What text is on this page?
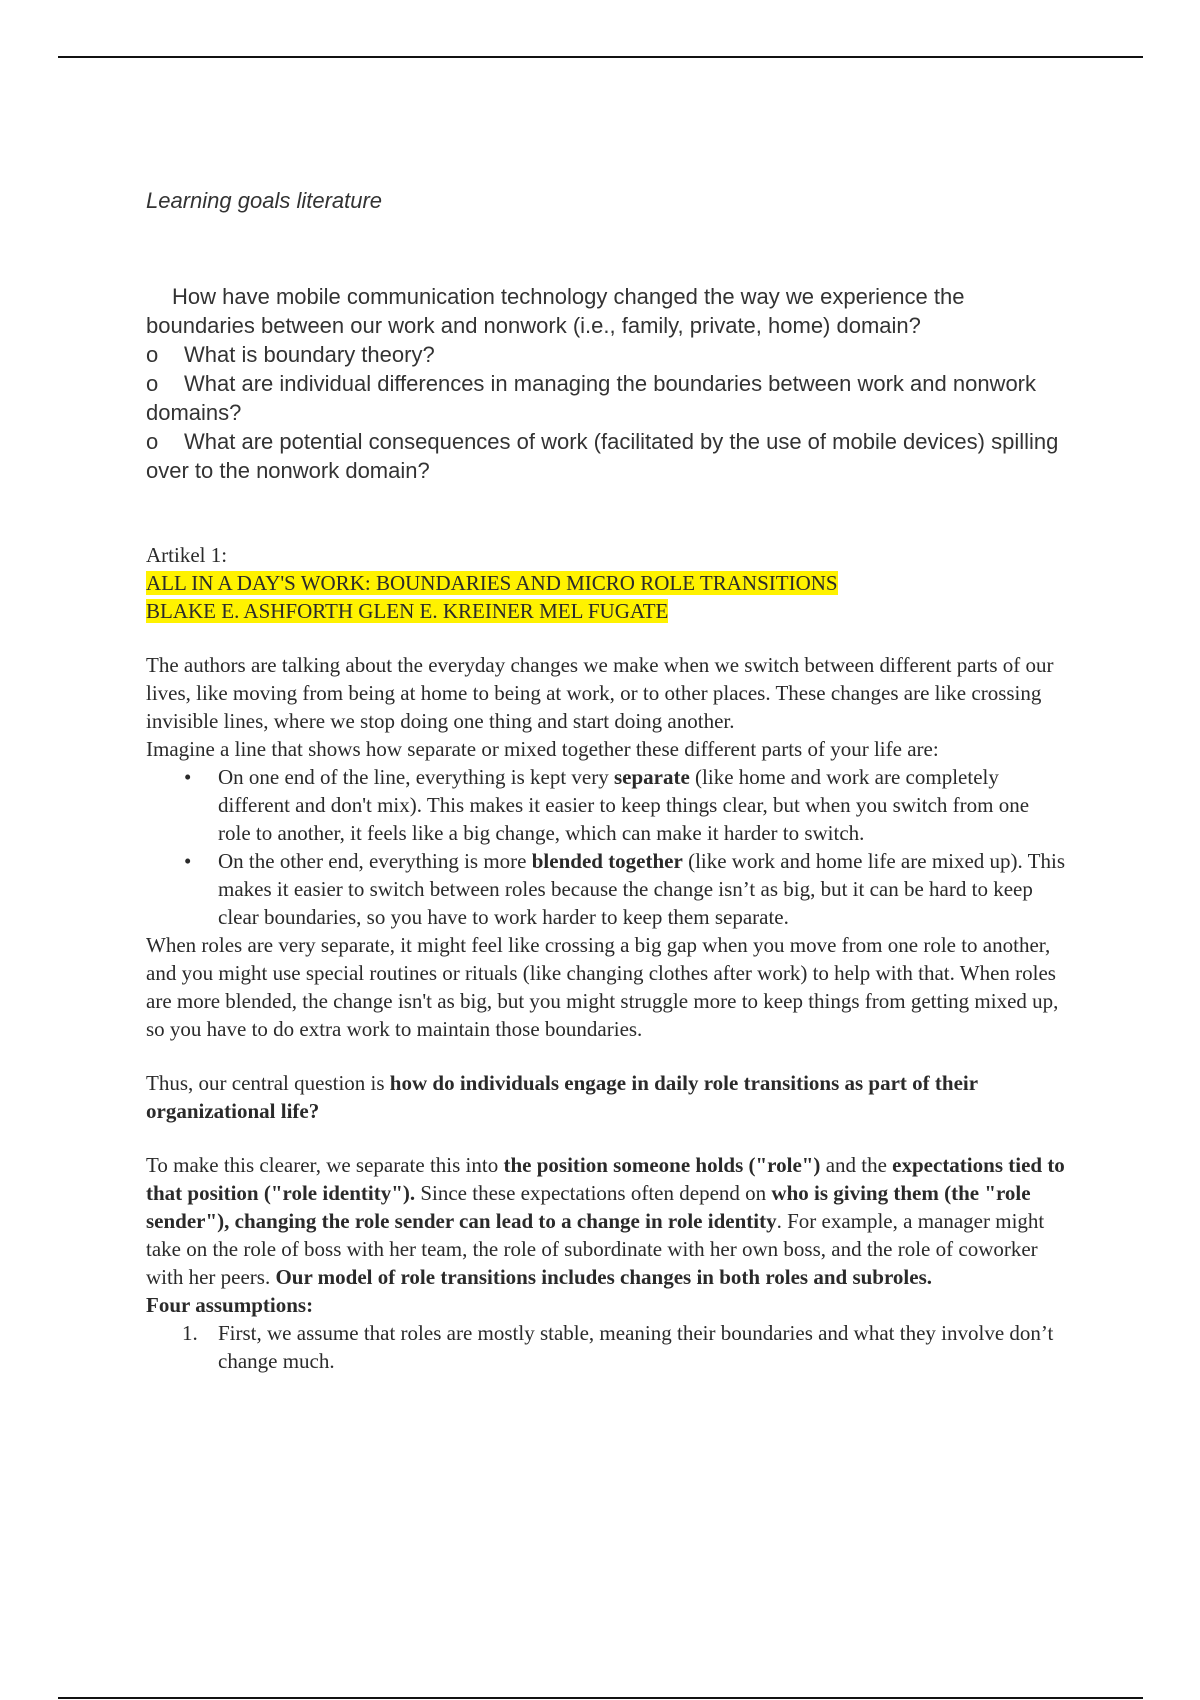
Learning goals literature

How have mobile communication technology changed the way we experience the boundaries between our work and nonwork (i.e., family, private, home) domain?

o What is boundary theory?

o What are individual differences in managing the boundaries between work and nonwork domains?

o What are potential consequences of work (facilitated by the use of mobile devices) spilling over to the nonwork domain?

Artikel 1:

ALL IN A DAY'S WORK: BOUNDARIES AND MICRO ROLE TRANSITIONS

BLAKE E. ASHFORTH GLEN E. KREINER MEL FUGATE

The authors are talking about the everyday changes we make when we switch between different parts of our lives, like moving from being at home to being at work, or to other places. These changes are like crossing invisible lines, where we stop doing one thing and start doing another.

Imagine a line that shows how separate or mixed together these different parts of your life are:

• On one end of the line, everything is kept very separate (like home and work are completely different and don't mix). This makes it easier to keep things clear, but when you switch from one role to another, it feels like a big change, which can make it harder to switch.
• On the other end, everything is more blended together (like work and home life are mixed up). This makes it easier to switch between roles because the change isn’t as big, but it can be hard to keep clear boundaries, so you have to work harder to keep them separate.

When roles are very separate, it might feel like crossing a big gap when you move from one role to another, and you might use special routines or rituals (like changing clothes after work) to help with that. When roles are more blended, the change isn't as big, but you might struggle more to keep things from getting mixed up, so you have to do extra work to maintain those boundaries.

Thus, our central question is how do individuals engage in daily role transitions as part of their organizational life?

To make this clearer, we separate this into the position someone holds ("role") and the expectations tied to that position ("role identity"). Since these expectations often depend on who is giving them (the "role sender"), changing the role sender can lead to a change in role identity. For example, a manager might take on the role of boss with her team, the role of subordinate with her own boss, and the role of coworker with her peers. Our model of role transitions includes changes in both roles and subroles.

Four assumptions:

1. First, we assume that roles are mostly stable, meaning their boundaries and what they involve don’t change much.
